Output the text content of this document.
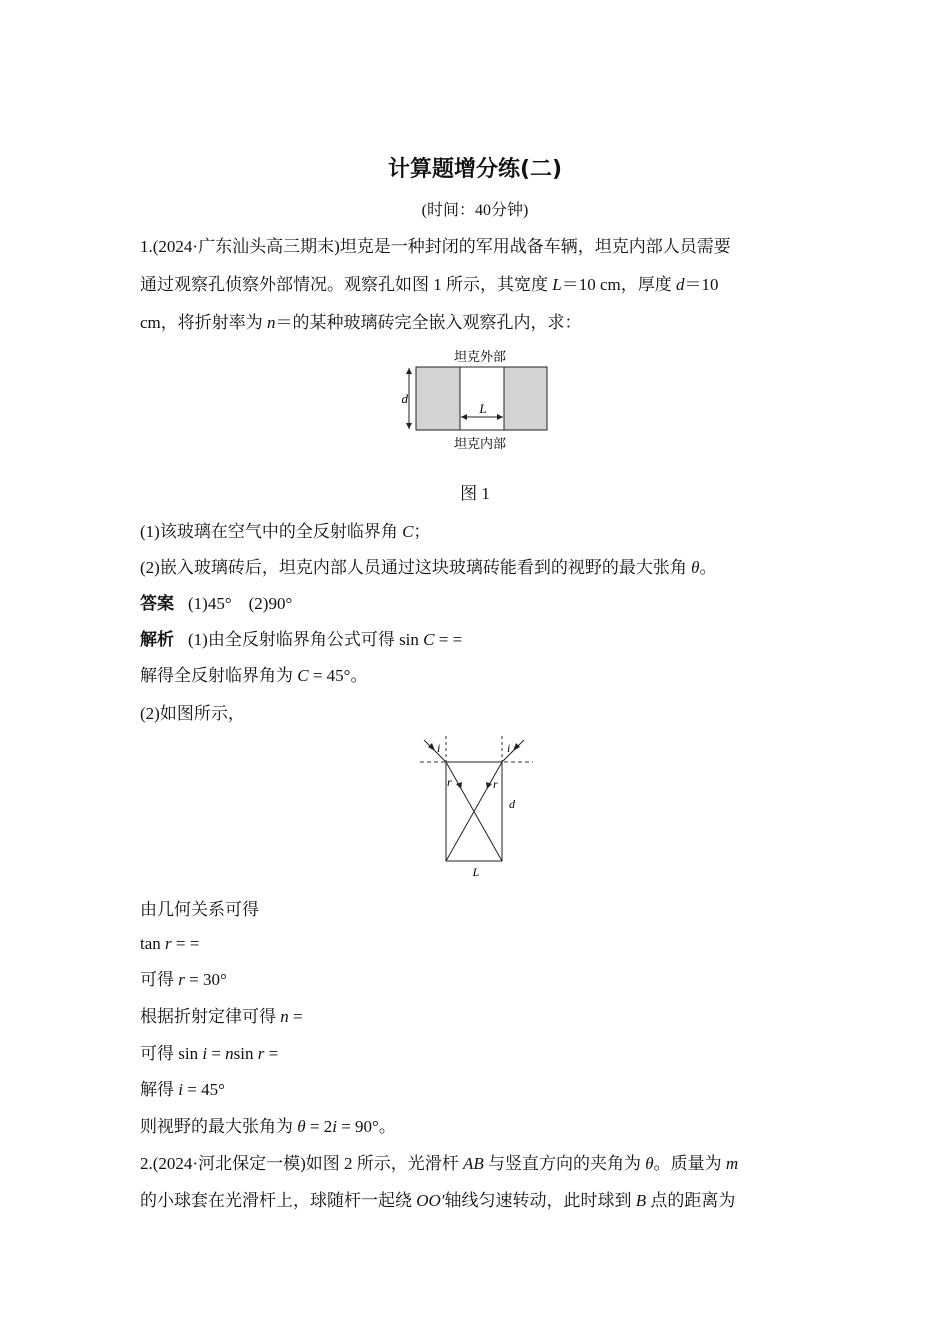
计算题增分练(二)
(时间：40分钟)
1.(2024·广东汕头高三期末)坦克是一种封闭的军用战备车辆，坦克内部人员需要
通过观察孔侦察外部情况。观察孔如图 1 所示，其宽度 L＝10 cm，厚度 d＝10
cm，将折射率为 n＝的某种玻璃砖完全嵌入观察孔内，求：
坦克外部
d
L
坦克内部
图 1
(1)该玻璃在空气中的全反射临界角 C；
(2)嵌入玻璃砖后，坦克内部人员通过这块玻璃砖能看到的视野的最大张角 θ。
答案 (1)45°　(2)90°
解析 (1)由全反射临界角公式可得 sin C = =
解得全反射临界角为 C = 45°。
(2)如图所示，
i	i
r	r
d
L
由几何关系可得
tan r = =
可得 r = 30°
根据折射定律可得 n =
可得 sin i = nsin r =
解得 i = 45°
则视野的最大张角为 θ = 2i = 90°。
2.(2024·河北保定一模)如图 2 所示，光滑杆 AB 与竖直方向的夹角为 θ。质量为 m
的小球套在光滑杆上，球随杆一起绕 OO′轴线匀速转动，此时球到 B 点的距离为
